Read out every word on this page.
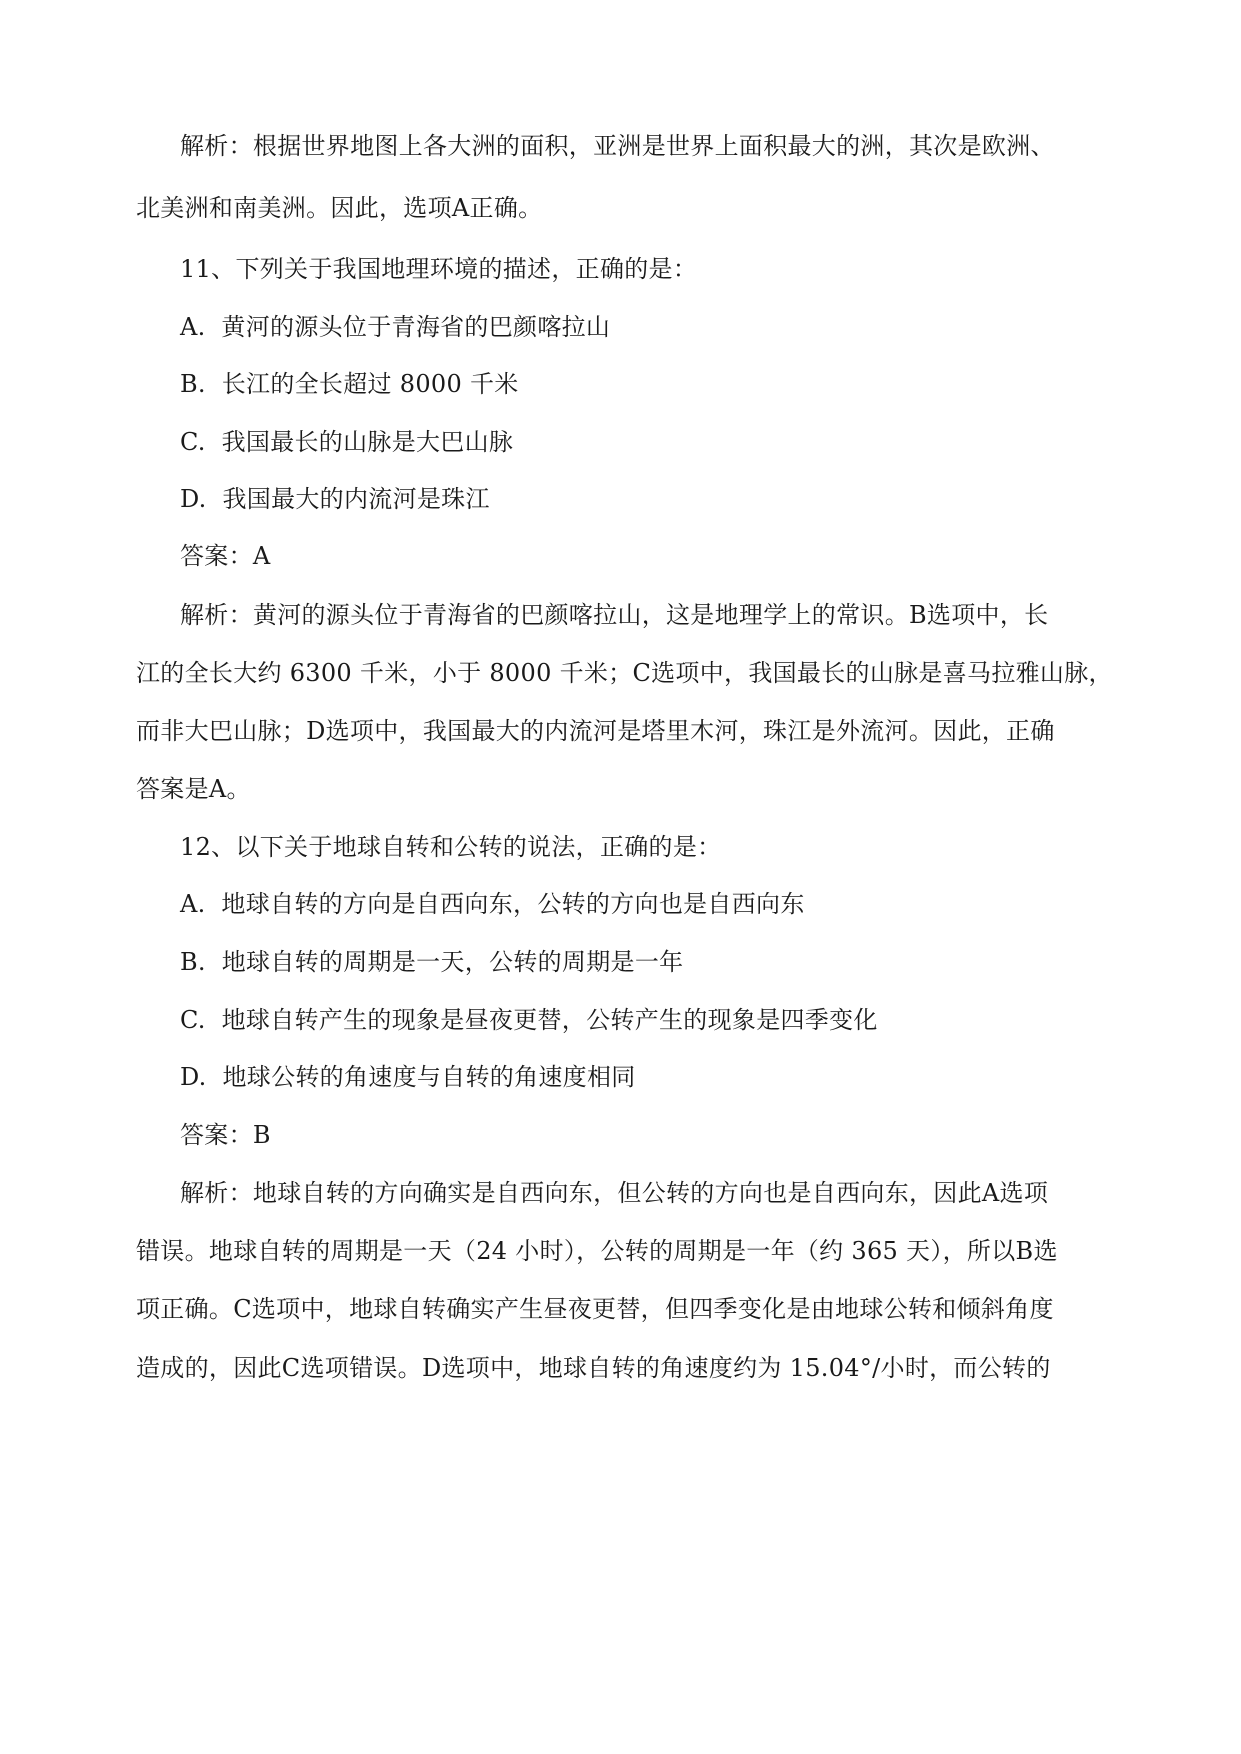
解析：根据世界地图上各大洲的面积，亚洲是世界上面积最大的洲，其次是欧洲、
北美洲和南美洲。因此，选项A正确。
11、下列关于我国地理环境的描述，正确的是：
A.  黄河的源头位于青海省的巴颜喀拉山
B.  长江的全长超过 8000 千米
C.  我国最长的山脉是大巴山脉
D.  我国最大的内流河是珠江
答案：A
解析：黄河的源头位于青海省的巴颜喀拉山，这是地理学上的常识。B选项中，长
江的全长大约 6300 千米，小于 8000 千米；C选项中，我国最长的山脉是喜马拉雅山脉，
而非大巴山脉；D选项中，我国最大的内流河是塔里木河，珠江是外流河。因此，正确
答案是A。
12、以下关于地球自转和公转的说法，正确的是：
A.  地球自转的方向是自西向东，公转的方向也是自西向东
B.  地球自转的周期是一天，公转的周期是一年
C.  地球自转产生的现象是昼夜更替，公转产生的现象是四季变化
D.  地球公转的角速度与自转的角速度相同
答案：B
解析：地球自转的方向确实是自西向东，但公转的方向也是自西向东，因此A选项
错误。地球自转的周期是一天（24 小时），公转的周期是一年（约 365 天），所以B选
项正确。C选项中，地球自转确实产生昼夜更替，但四季变化是由地球公转和倾斜角度
造成的，因此C选项错误。D选项中，地球自转的角速度约为 15.04°/小时，而公转的
